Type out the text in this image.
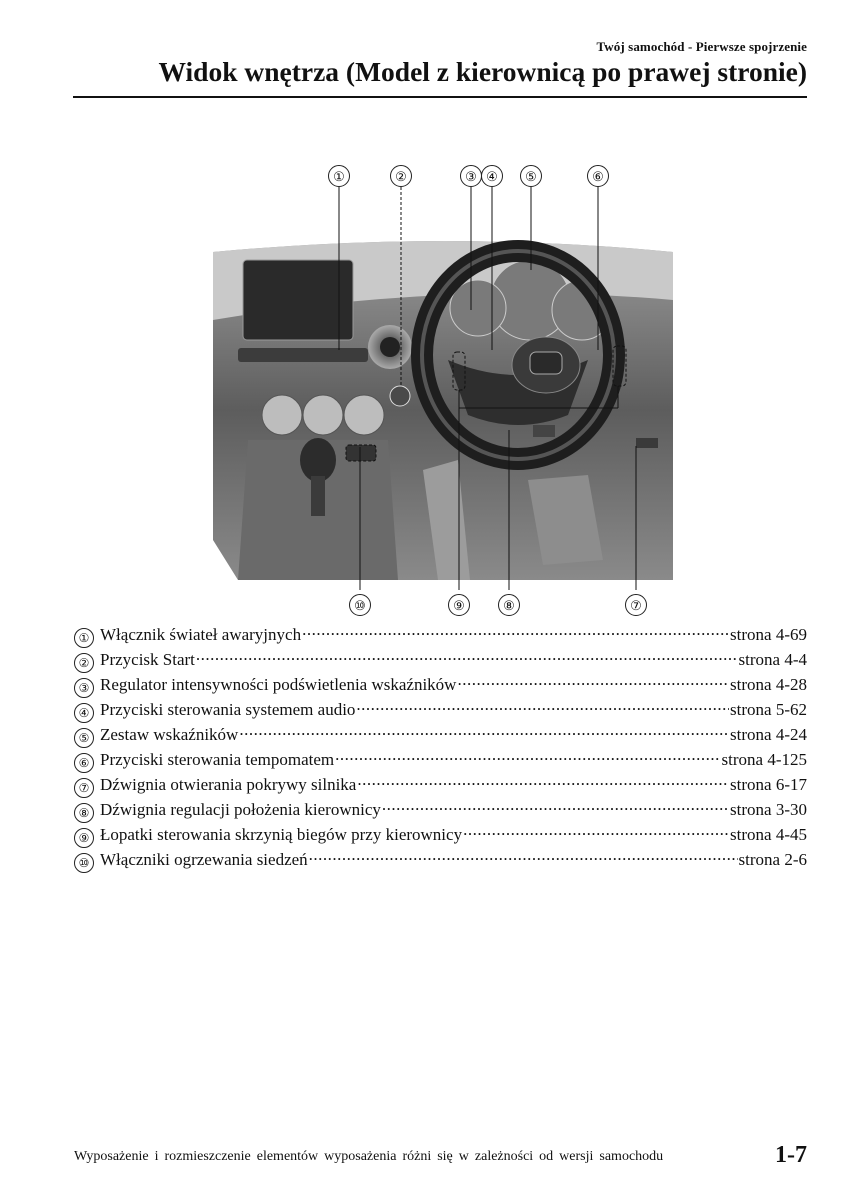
Twój samochód - Pierwsze spojrzenie
Widok wnętrza (Model z kierownicą po prawej stronie)
①	②	③ ④	⑤	⑥
⑩	⑨	⑧	⑦
① Włącznik świateł awaryjnych .....	strona 4-69
② Przycisk Start .....	strona 4-4
③ Regulator intensywności podświetlenia wskaźników .....	strona 4-28
④ Przyciski sterowania systemem audio .....	strona 5-62
⑤ Zestaw wskaźników .....	strona 4-24
⑥ Przyciski sterowania tempomatem .....	strona 4-125
⑦ Dźwignia otwierania pokrywy silnika .....	strona 6-17
⑧ Dźwignia regulacji położenia kierownicy .....	strona 3-30
⑨ Łopatki sterowania skrzynią biegów przy kierownicy .....	strona 4-45
⑩ Włączniki ogrzewania siedzeń .....	strona 2-6
Wyposażenie i rozmieszczenie elementów wyposażenia różni się w zależności od wersji samochodu	1-7
